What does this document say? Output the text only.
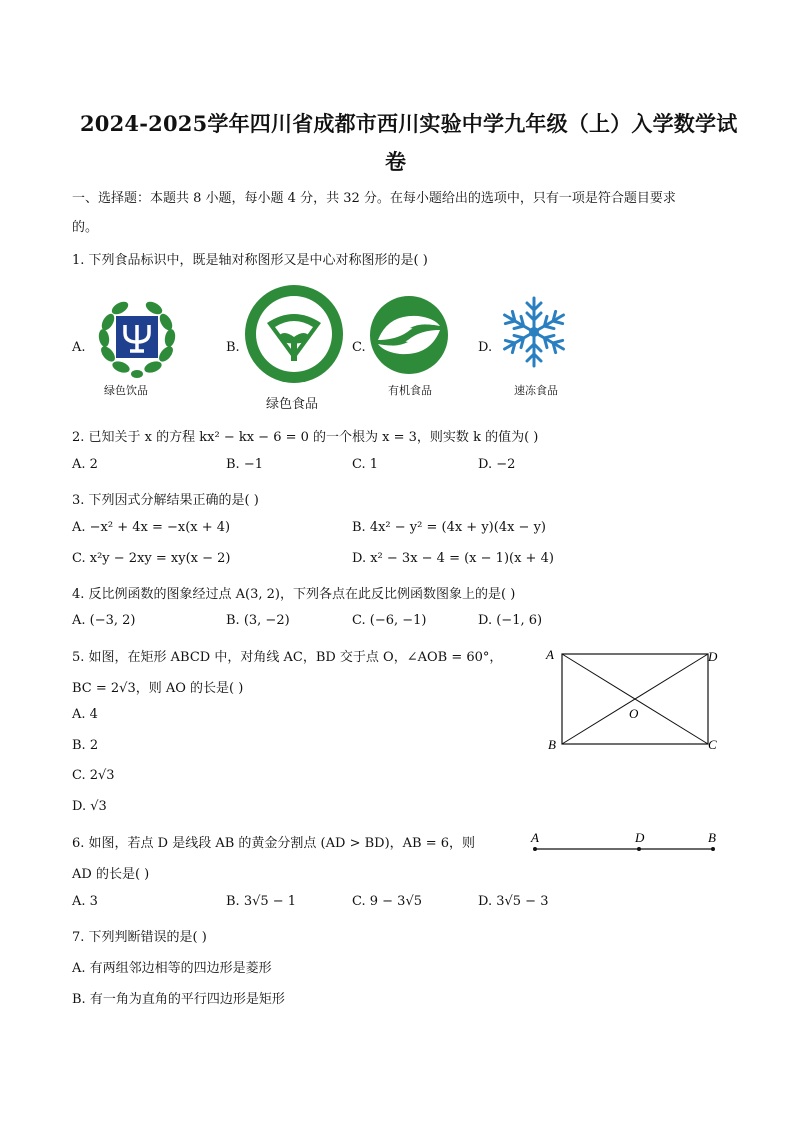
2024-2025学年四川省成都市西川实验中学九年级（上）入学数学试
卷
一、选择题：本题共 8 小题，每小题 4 分，共 32 分。在每小题给出的选项中，只有一项是符合题目要求
的。
1. 下列食品标识中，既是轴对称图形又是中心对称图形的是( )
A.
绿色饮品
B.
绿色食品
C.
有机食品
D.
速冻食品
2. 已知关于 x 的方程 kx² − kx − 6 = 0 的一个根为 x = 3，则实数 k 的值为( )
A. 2	B. −1	C. 1	D. −2
3. 下列因式分解结果正确的是( )
A. −x² + 4x = −x(x + 4)	B. 4x² − y² = (4x + y)(4x − y)
C. x²y − 2xy = xy(x − 2)	D. x² − 3x − 4 = (x − 1)(x + 4)
4. 反比例函数的图象经过点 A(3, 2)，下列各点在此反比例函数图象上的是( )
A. (−3, 2)	B. (3, −2)	C. (−6, −1)	D. (−1, 6)
5. 如图，在矩形 ABCD 中，对角线 AC，BD 交于点 O，∠AOB = 60°，
BC = 2√3，则 AO 的长是( )
A. 4
B. 2
C. 2√3
D. √3
A	D
B	C
O
6. 如图，若点 D 是线段 AB 的黄金分割点 (AD > BD)，AB = 6，则
AD 的长是( )
A. 3	B. 3√5 − 1	C. 9 − 3√5	D. 3√5 − 3
A	D	B
7. 下列判断错误的是( )
A. 有两组邻边相等的四边形是菱形
B. 有一角为直角的平行四边形是矩形
